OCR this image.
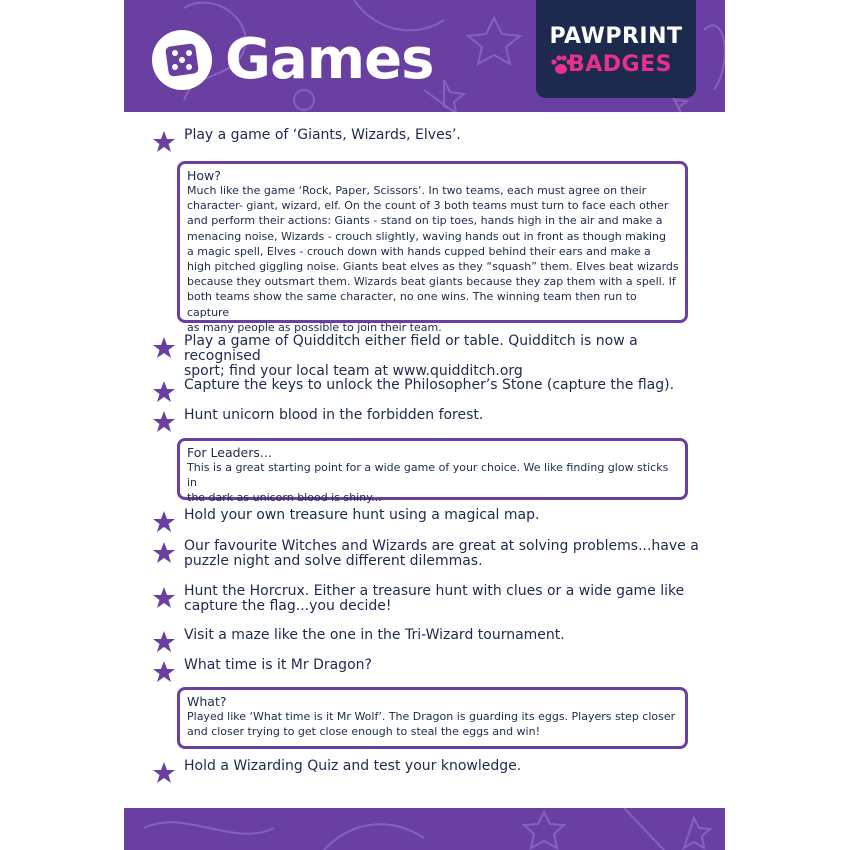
Games	PAWPRINT
BADGES
Play a game of ‘Giants, Wizards, Elves’.
How?
Much like the game ‘Rock, Paper, Scissors’. In two teams, each must agree on their
character- giant, wizard, elf. On the count of 3 both teams must turn to face each other
and perform their actions: Giants - stand on tip toes, hands high in the air and make a
menacing noise, Wizards - crouch slightly, waving hands out in front as though making
a magic spell, Elves - crouch down with hands cupped behind their ears and make a
high pitched giggling noise. Giants beat elves as they “squash” them. Elves beat wizards
because they outsmart them. Wizards beat giants because they zap them with a spell. If
both teams show the same character, no one wins. The winning team then run to capture
as many people as possible to join their team.
Play a game of Quidditch either field or table. Quidditch is now a recognised
sport; find your local team at www.quidditch.org
Capture the keys to unlock the Philosopher’s Stone (capture the flag).
Hunt unicorn blood in the forbidden forest.
For Leaders...
This is a great starting point for a wide game of your choice. We like finding glow sticks in
the dark as unicorn blood is shiny...
Hold your own treasure hunt using a magical map.
Our favourite Witches and Wizards are great at solving problems...have a
puzzle night and solve different dilemmas.
Hunt the Horcrux. Either a treasure hunt with clues or a wide game like
capture the flag...you decide!
Visit a maze like the one in the Tri-Wizard tournament.
What time is it Mr Dragon?
What?
Played like ‘What time is it Mr Wolf’. The Dragon is guarding its eggs. Players step closer
and closer trying to get close enough to steal the eggs and win!
Hold a Wizarding Quiz and test your knowledge.
